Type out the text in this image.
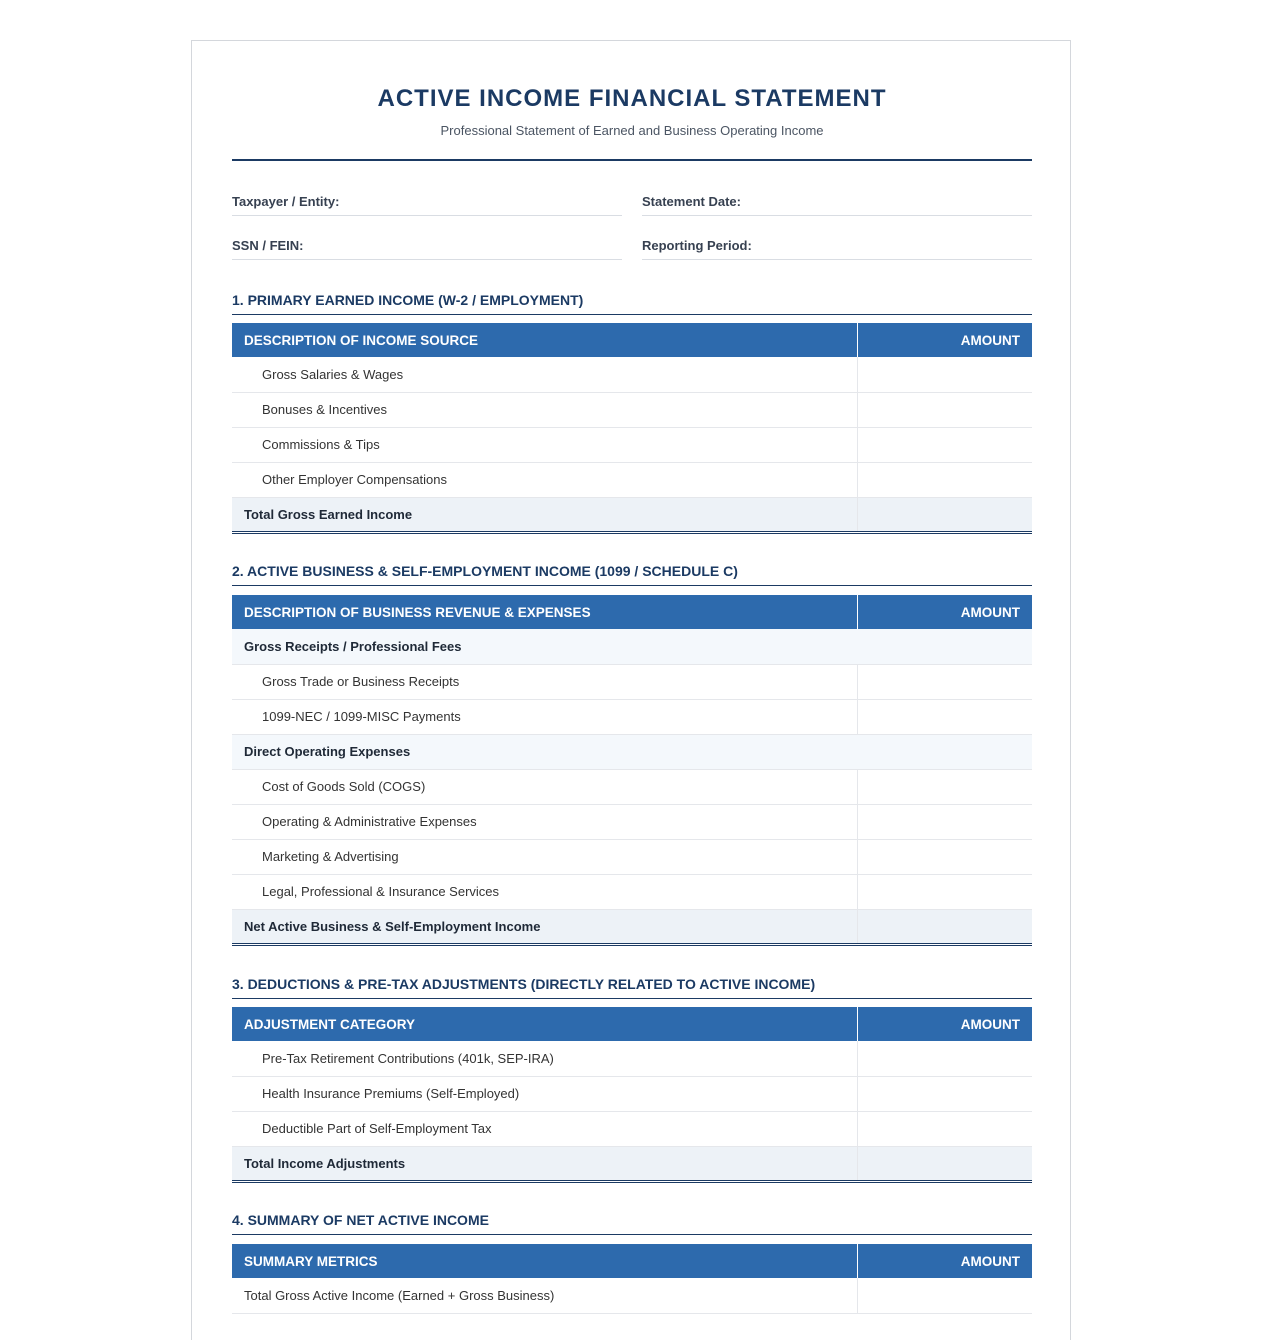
ACTIVE INCOME FINANCIAL STATEMENT
Professional Statement of Earned and Business Operating Income
Taxpayer / Entity:	Statement Date:
SSN / FEIN:	Reporting Period:
1. PRIMARY EARNED INCOME (W-2 / EMPLOYMENT)
DESCRIPTION OF INCOME SOURCE	AMOUNT
Gross Salaries & Wages	
Bonuses & Incentives	
Commissions & Tips	
Other Employer Compensations	
Total Gross Earned Income	
2. ACTIVE BUSINESS & SELF-EMPLOYMENT INCOME (1099 / SCHEDULE C)
DESCRIPTION OF BUSINESS REVENUE & EXPENSES	AMOUNT
Gross Receipts / Professional Fees	
Gross Trade or Business Receipts	
1099-NEC / 1099-MISC Payments	
Direct Operating Expenses	
Cost of Goods Sold (COGS)	
Operating & Administrative Expenses	
Marketing & Advertising	
Legal, Professional & Insurance Services	
Net Active Business & Self-Employment Income	
3. DEDUCTIONS & PRE-TAX ADJUSTMENTS (DIRECTLY RELATED TO ACTIVE INCOME)
ADJUSTMENT CATEGORY	AMOUNT
Pre-Tax Retirement Contributions (401k, SEP-IRA)	
Health Insurance Premiums (Self-Employed)	
Deductible Part of Self-Employment Tax	
Total Income Adjustments	
4. SUMMARY OF NET ACTIVE INCOME
SUMMARY METRICS	AMOUNT
Total Gross Active Income (Earned + Gross Business)	
